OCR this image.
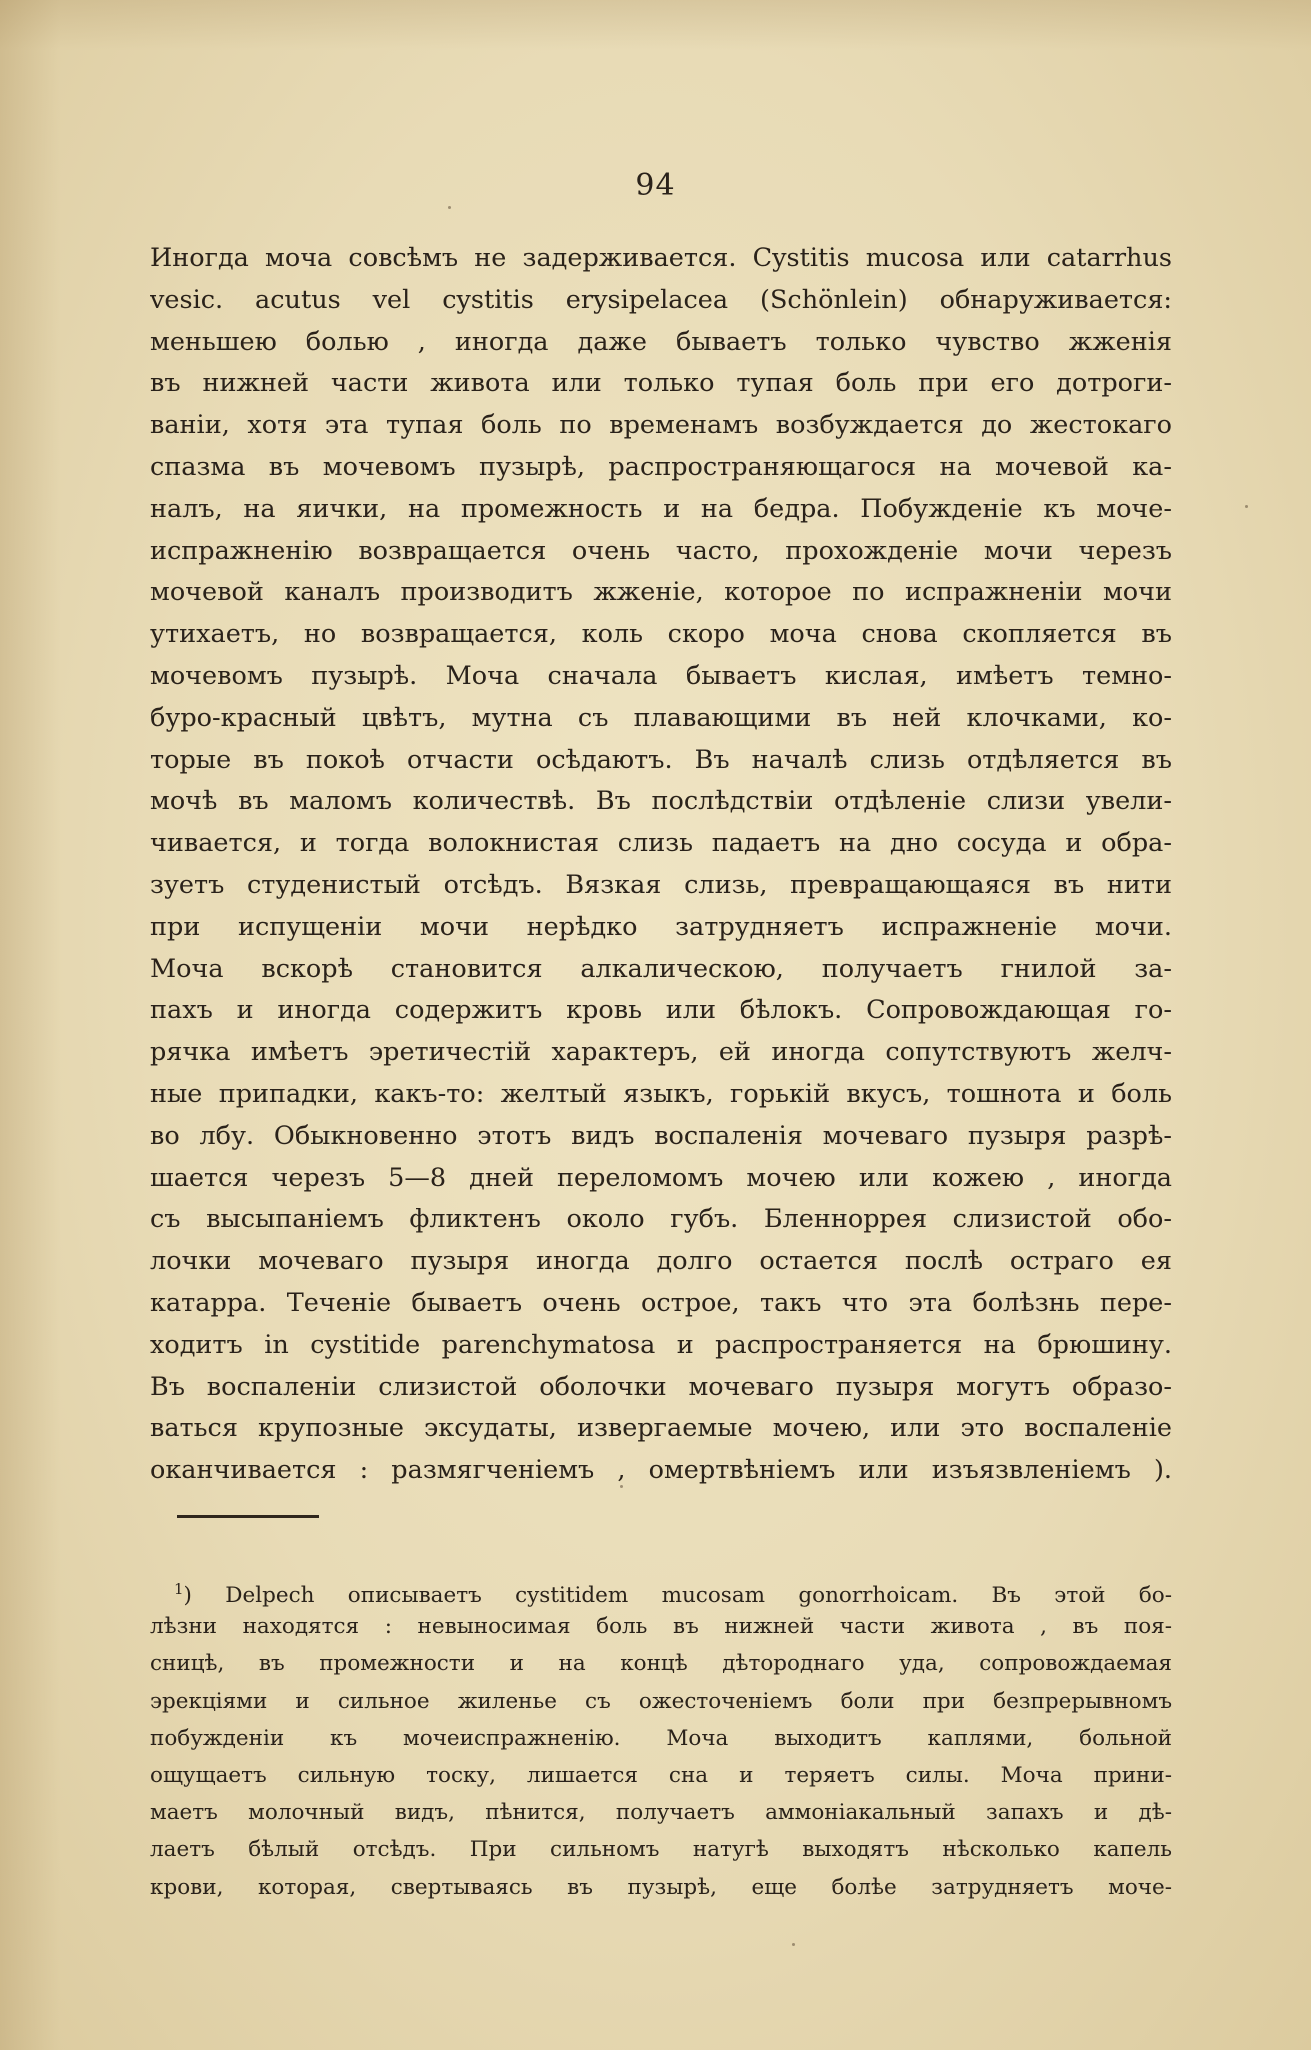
94
Иногда моча совсѣмъ не задерживается. Cystitis mucosa или catarrhus
vesic. acutus vel cystitis erysipelacea (Schönlein) обнаруживается:
меньшею болью , иногда даже бываетъ только чувство жженія
въ нижней части живота или только тупая боль при его дотроги-
ваніи, хотя эта тупая боль по временамъ возбуждается до жестокаго
спазма въ мочевомъ пузырѣ, распространяющагося на мочевой ка-
налъ, на яички, на промежность и на бедра. Побужденіе къ моче-
испражненію возвращается очень часто, прохожденіе мочи черезъ
мочевой каналъ производитъ жженіе, которое по испражненіи мочи
утихаетъ, но возвращается, коль скоро моча снова скопляется въ
мочевомъ пузырѣ. Моча сначала бываетъ кислая, имѣетъ темно-
буро-красный цвѣтъ, мутна съ плавающими въ ней клочками, ко-
торые въ покоѣ отчасти осѣдаютъ. Въ началѣ слизь отдѣляется въ
мочѣ въ маломъ количествѣ. Въ послѣдствіи отдѣленіе слизи увели-
чивается, и тогда волокнистая слизь падаетъ на дно сосуда и обра-
зуетъ студенистый отсѣдъ. Вязкая слизь, превращающаяся въ нити
при испущеніи мочи нерѣдко затрудняетъ испражненіе мочи.
Моча вскорѣ становится алкалическою, получаетъ гнилой за-
пахъ и иногда содержитъ кровь или бѣлокъ. Сопровождающая го-
рячка имѣетъ эретичестій характеръ, ей иногда сопутствуютъ желч-
ные припадки, какъ-то: желтый языкъ, горькій вкусъ, тошнота и боль
во лбу. Обыкновенно этотъ видъ воспаленія мочеваго пузыря разрѣ-
шается черезъ 5—8 дней переломомъ мочею или кожею , иногда
съ высыпаніемъ фликтенъ около губъ. Бленноррея слизистой обо-
лочки мочеваго пузыря иногда долго остается послѣ остраго ея
катарра. Теченіе бываетъ очень острое, такъ что эта болѣзнь пере-
ходитъ in cystitide parenchymatosa и распространяется на брюшину.
Въ воспаленіи слизистой оболочки мочеваго пузыря могутъ образо-
ваться крупозные эксудаты, извергаемые мочею, или это воспаленіе
оканчивается : размягченіемъ , омертвѣніемъ или изъязвленіемъ ).
$^1$) Delpech описываетъ cystitidem mucosam gonorrhoicam. Въ этой бо-
лѣзни находятся : невыносимая боль въ нижней части живота , въ поя-
сницѣ, въ промежности и на концѣ дѣтороднаго уда, сопровождаемая
эрекціями и сильное жиленье съ ожесточеніемъ боли при безпрерывномъ
побужденіи къ мочеиспражненію. Моча выходитъ каплями, больной
ощущаетъ сильную тоску, лишается сна и теряетъ силы. Моча прини-
маетъ молочный видъ, пѣнится, получаетъ аммоніакальный запахъ и дѣ-
лаетъ бѣлый отсѣдъ. При сильномъ натугѣ выходятъ нѣсколько капель
крови, которая, свертываясь въ пузырѣ, еще болѣе затрудняетъ моче-
